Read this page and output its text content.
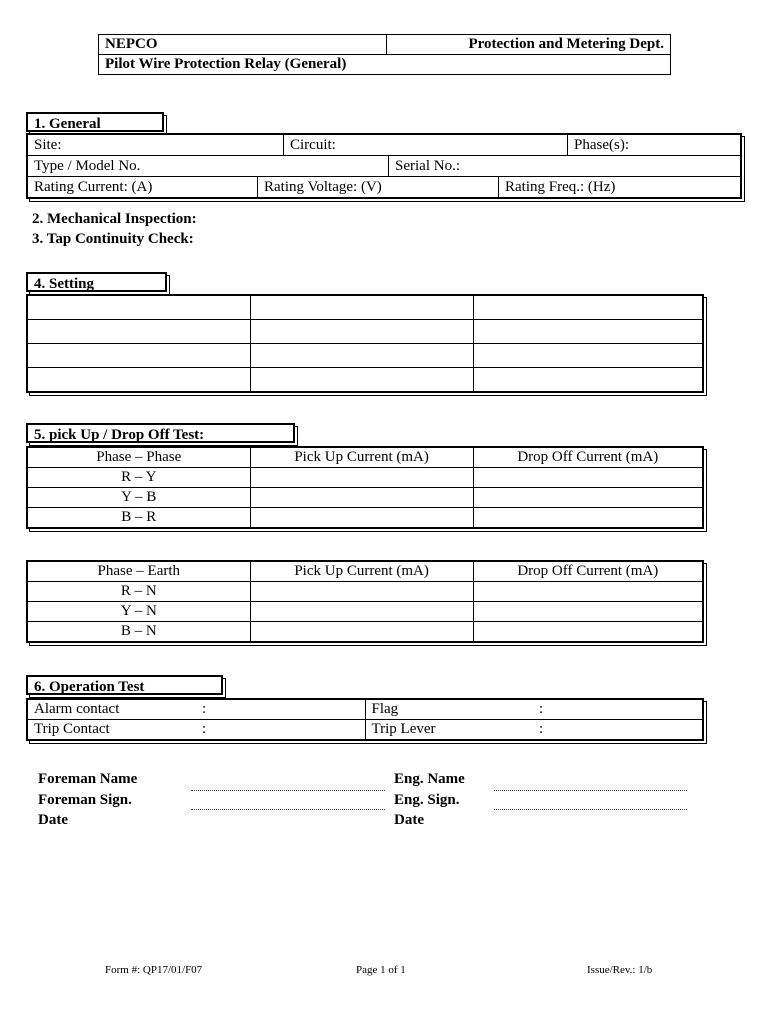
NEPCO	Protection and Metering Dept.
Pilot Wire Protection Relay (General)
1. General
Site:	Circuit:	Phase(s):
Type / Model No.	Serial No.:
Rating Current: (A)	Rating Voltage: (V)	Rating Freq.: (Hz)
2. Mechanical Inspection:
3. Tap Continuity Check:
4. Setting

5. pick Up / Drop Off Test:
Phase – Phase	Pick Up Current (mA)	Drop Off Current (mA)
R – Y		
Y – B		
B – R		
Phase – Earth	Pick Up Current (mA)	Drop Off Current (mA)
R – N		
Y – N		
B – N		
6. Operation Test
Alarm contact :	Flag :

Trip Contact :	Trip Lever :
Foreman Name
Foreman Sign.
Date
Eng. Name
Eng. Sign.
Date
Form #: QP17/01/F07	Page 1 of 1	Issue/Rev.: 1/b
